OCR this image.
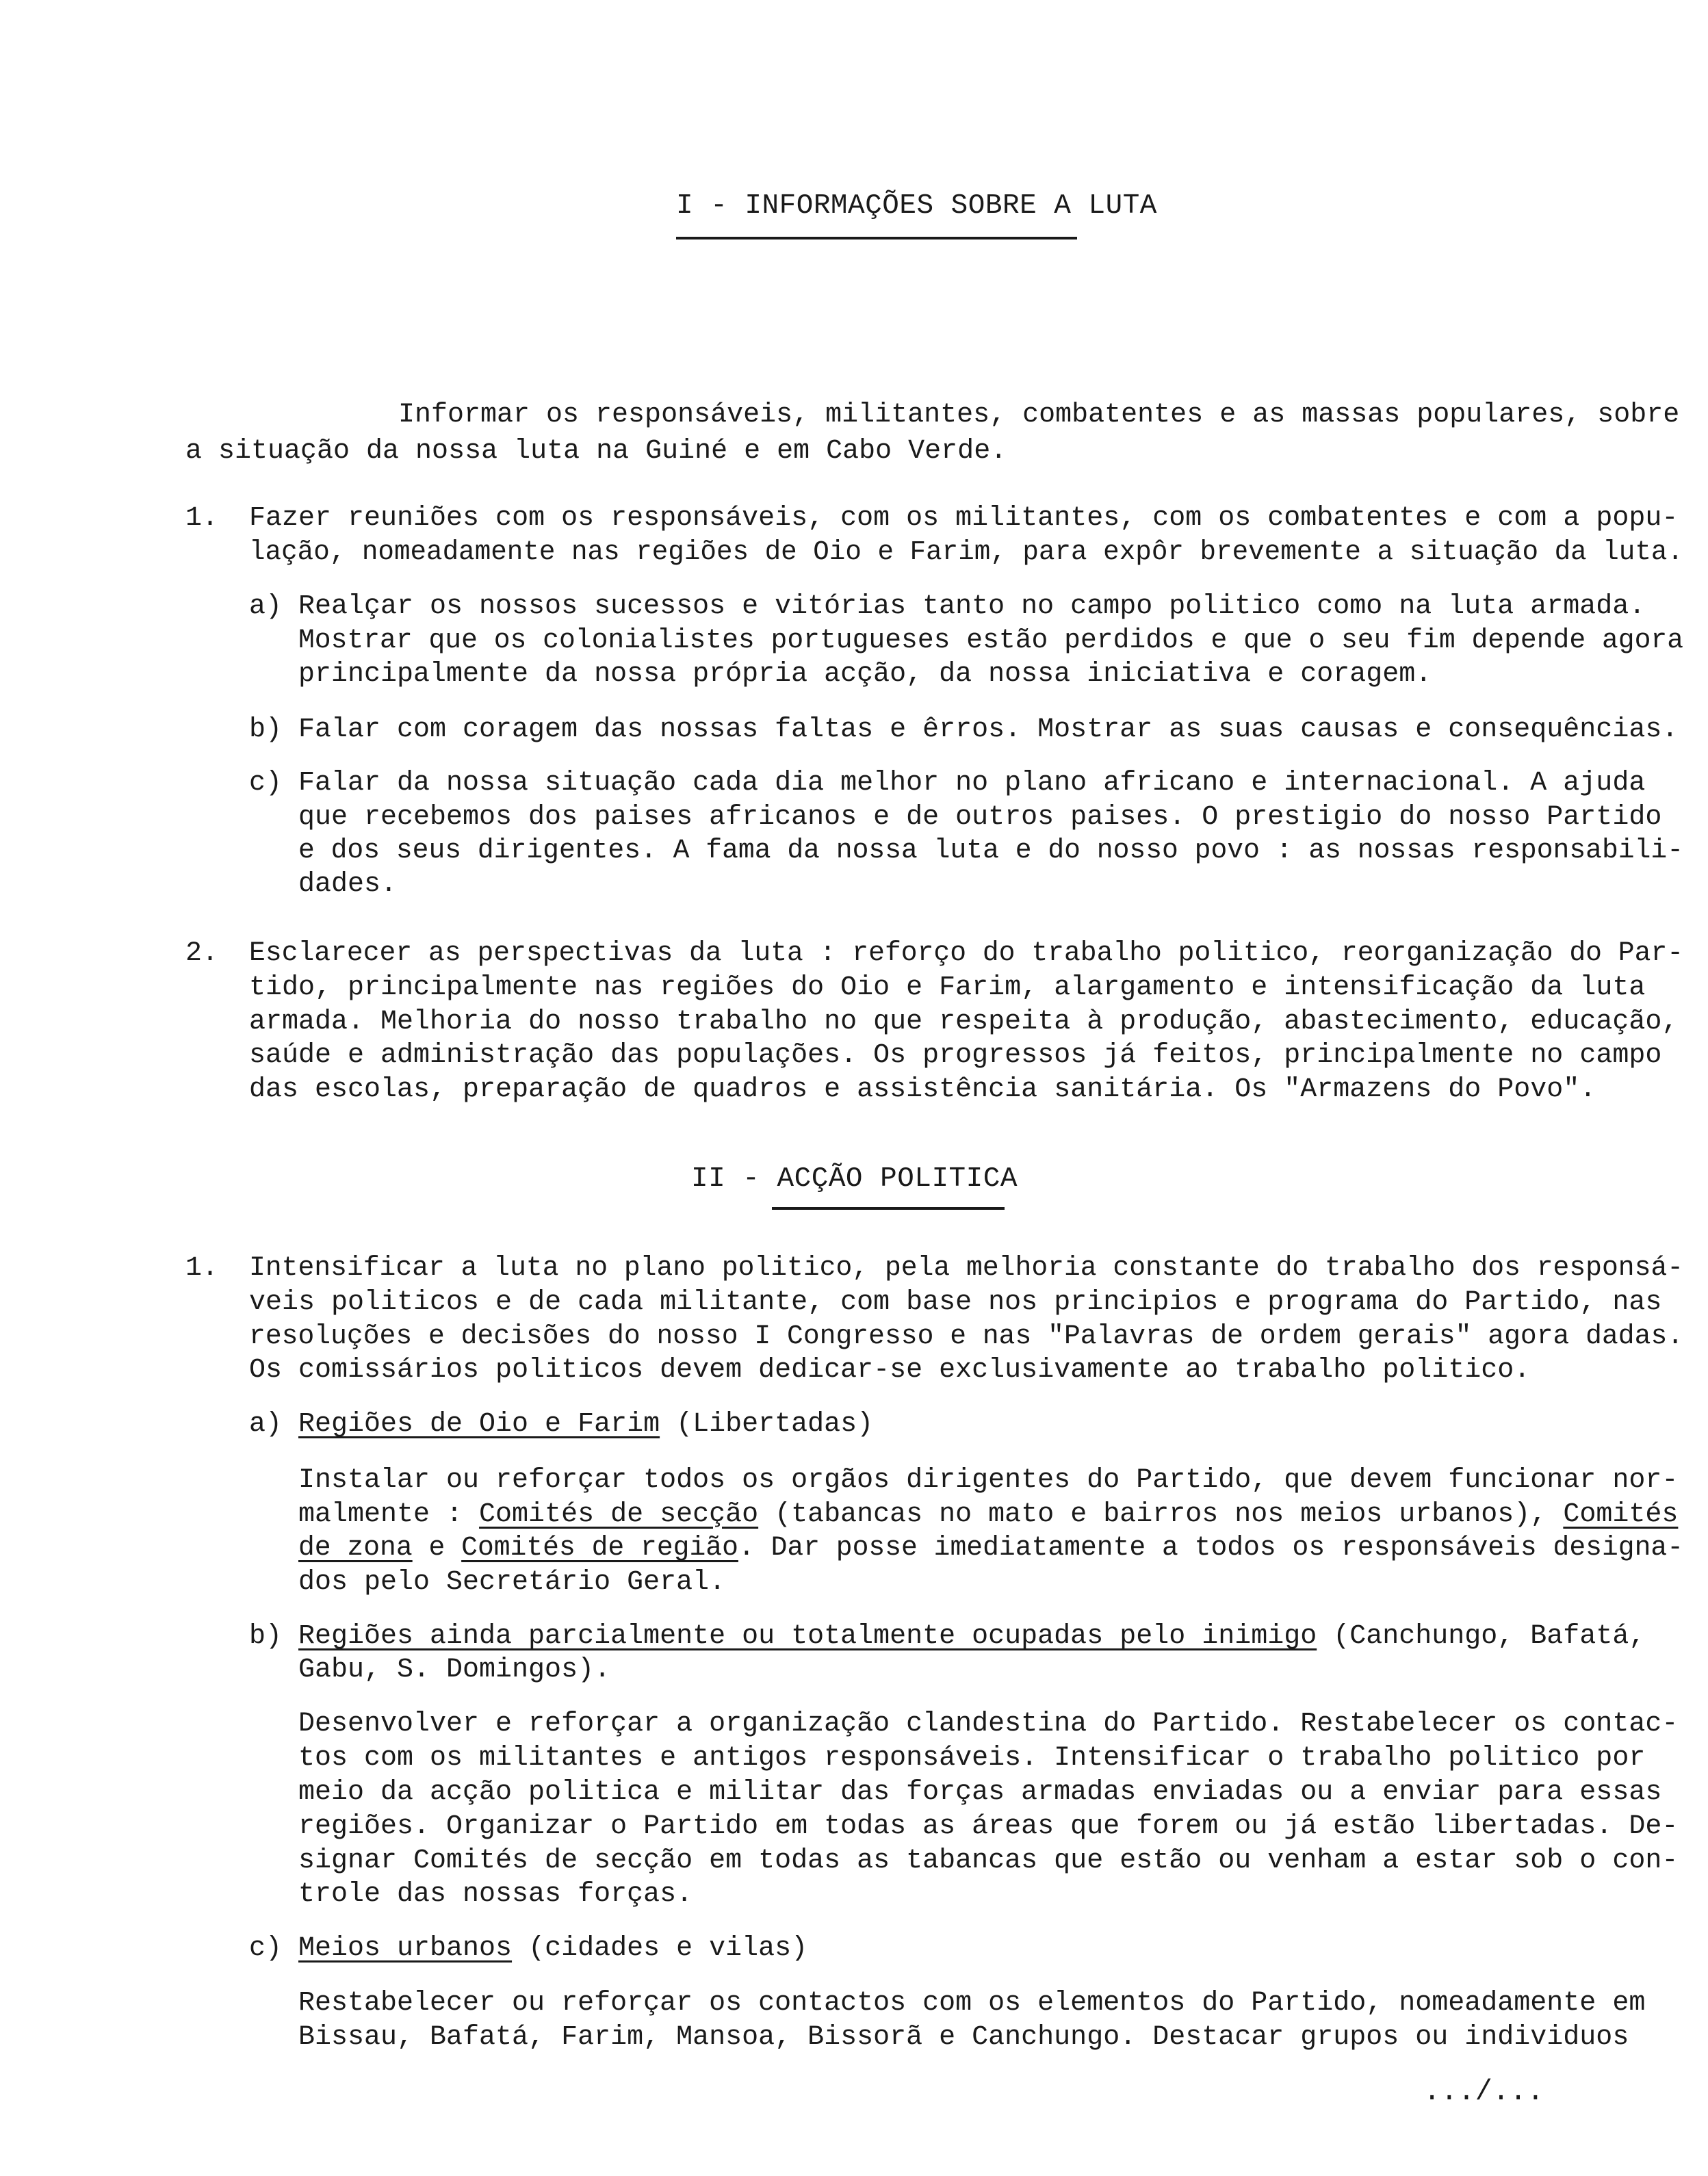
I - INFORMAÇÕES SOBRE A LUTA
Informar os responsáveis, militantes, combatentes e as massas populares, sobre
a situação da nossa luta na Guiné e em Cabo Verde.
1. Fazer reuniões com os responsáveis, com os militantes, com os combatentes e com a popu-
lação, nomeadamente nas regiões de Oio e Farim, para expôr brevemente a situação da luta.
a) Realçar os nossos sucessos e vitórias tanto no campo politico como na luta armada.
Mostrar que os colonialistes portugueses estão perdidos e que o seu fim depende agora
principalmente da nossa própria acção, da nossa iniciativa e coragem.
b) Falar com coragem das nossas faltas e êrros. Mostrar as suas causas e consequências.
c) Falar da nossa situação cada dia melhor no plano africano e internacional. A ajuda
que recebemos dos paises africanos e de outros paises. O prestigio do nosso Partido
e dos seus dirigentes. A fama da nossa luta e do nosso povo : as nossas responsabili-
dades.
2. Esclarecer as perspectivas da luta : reforço do trabalho politico, reorganização do Par-
tido, principalmente nas regiões do Oio e Farim, alargamento e intensificação da luta
armada. Melhoria do nosso trabalho no que respeita à produção, abastecimento, educação,
saúde e administração das populações. Os progressos já feitos, principalmente no campo
das escolas, preparação de quadros e assistência sanitária. Os "Armazens do Povo".
II - ACÇÃO POLITICA
1. Intensificar a luta no plano politico, pela melhoria constante do trabalho dos responsá-
veis politicos e de cada militante, com base nos principios e programa do Partido, nas
resoluções e decisões do nosso I Congresso e nas "Palavras de ordem gerais" agora dadas.
Os comissários politicos devem dedicar-se exclusivamente ao trabalho politico.
a) Regiões de Oio e Farim (Libertadas)
Instalar ou reforçar todos os orgãos dirigentes do Partido, que devem funcionar nor-
malmente : Comités de secção (tabancas no mato e bairros nos meios urbanos), Comités
de zona e Comités de região. Dar posse imediatamente a todos os responsáveis designa-
dos pelo Secretário Geral.
b) Regiões ainda parcialmente ou totalmente ocupadas pelo inimigo (Canchungo, Bafatá,
Gabu, S. Domingos).
Desenvolver e reforçar a organização clandestina do Partido. Restabelecer os contac-
tos com os militantes e antigos responsáveis. Intensificar o trabalho politico por
meio da acção politica e militar das forças armadas enviadas ou a enviar para essas
regiões. Organizar o Partido em todas as áreas que forem ou já estão libertadas. De-
signar Comités de secção em todas as tabancas que estão ou venham a estar sob o con-
trole das nossas forças.
c) Meios urbanos (cidades e vilas)
Restabelecer ou reforçar os contactos com os elementos do Partido, nomeadamente em
Bissau, Bafatá, Farim, Mansoa, Bissorã e Canchungo. Destacar grupos ou individuos
.../...
